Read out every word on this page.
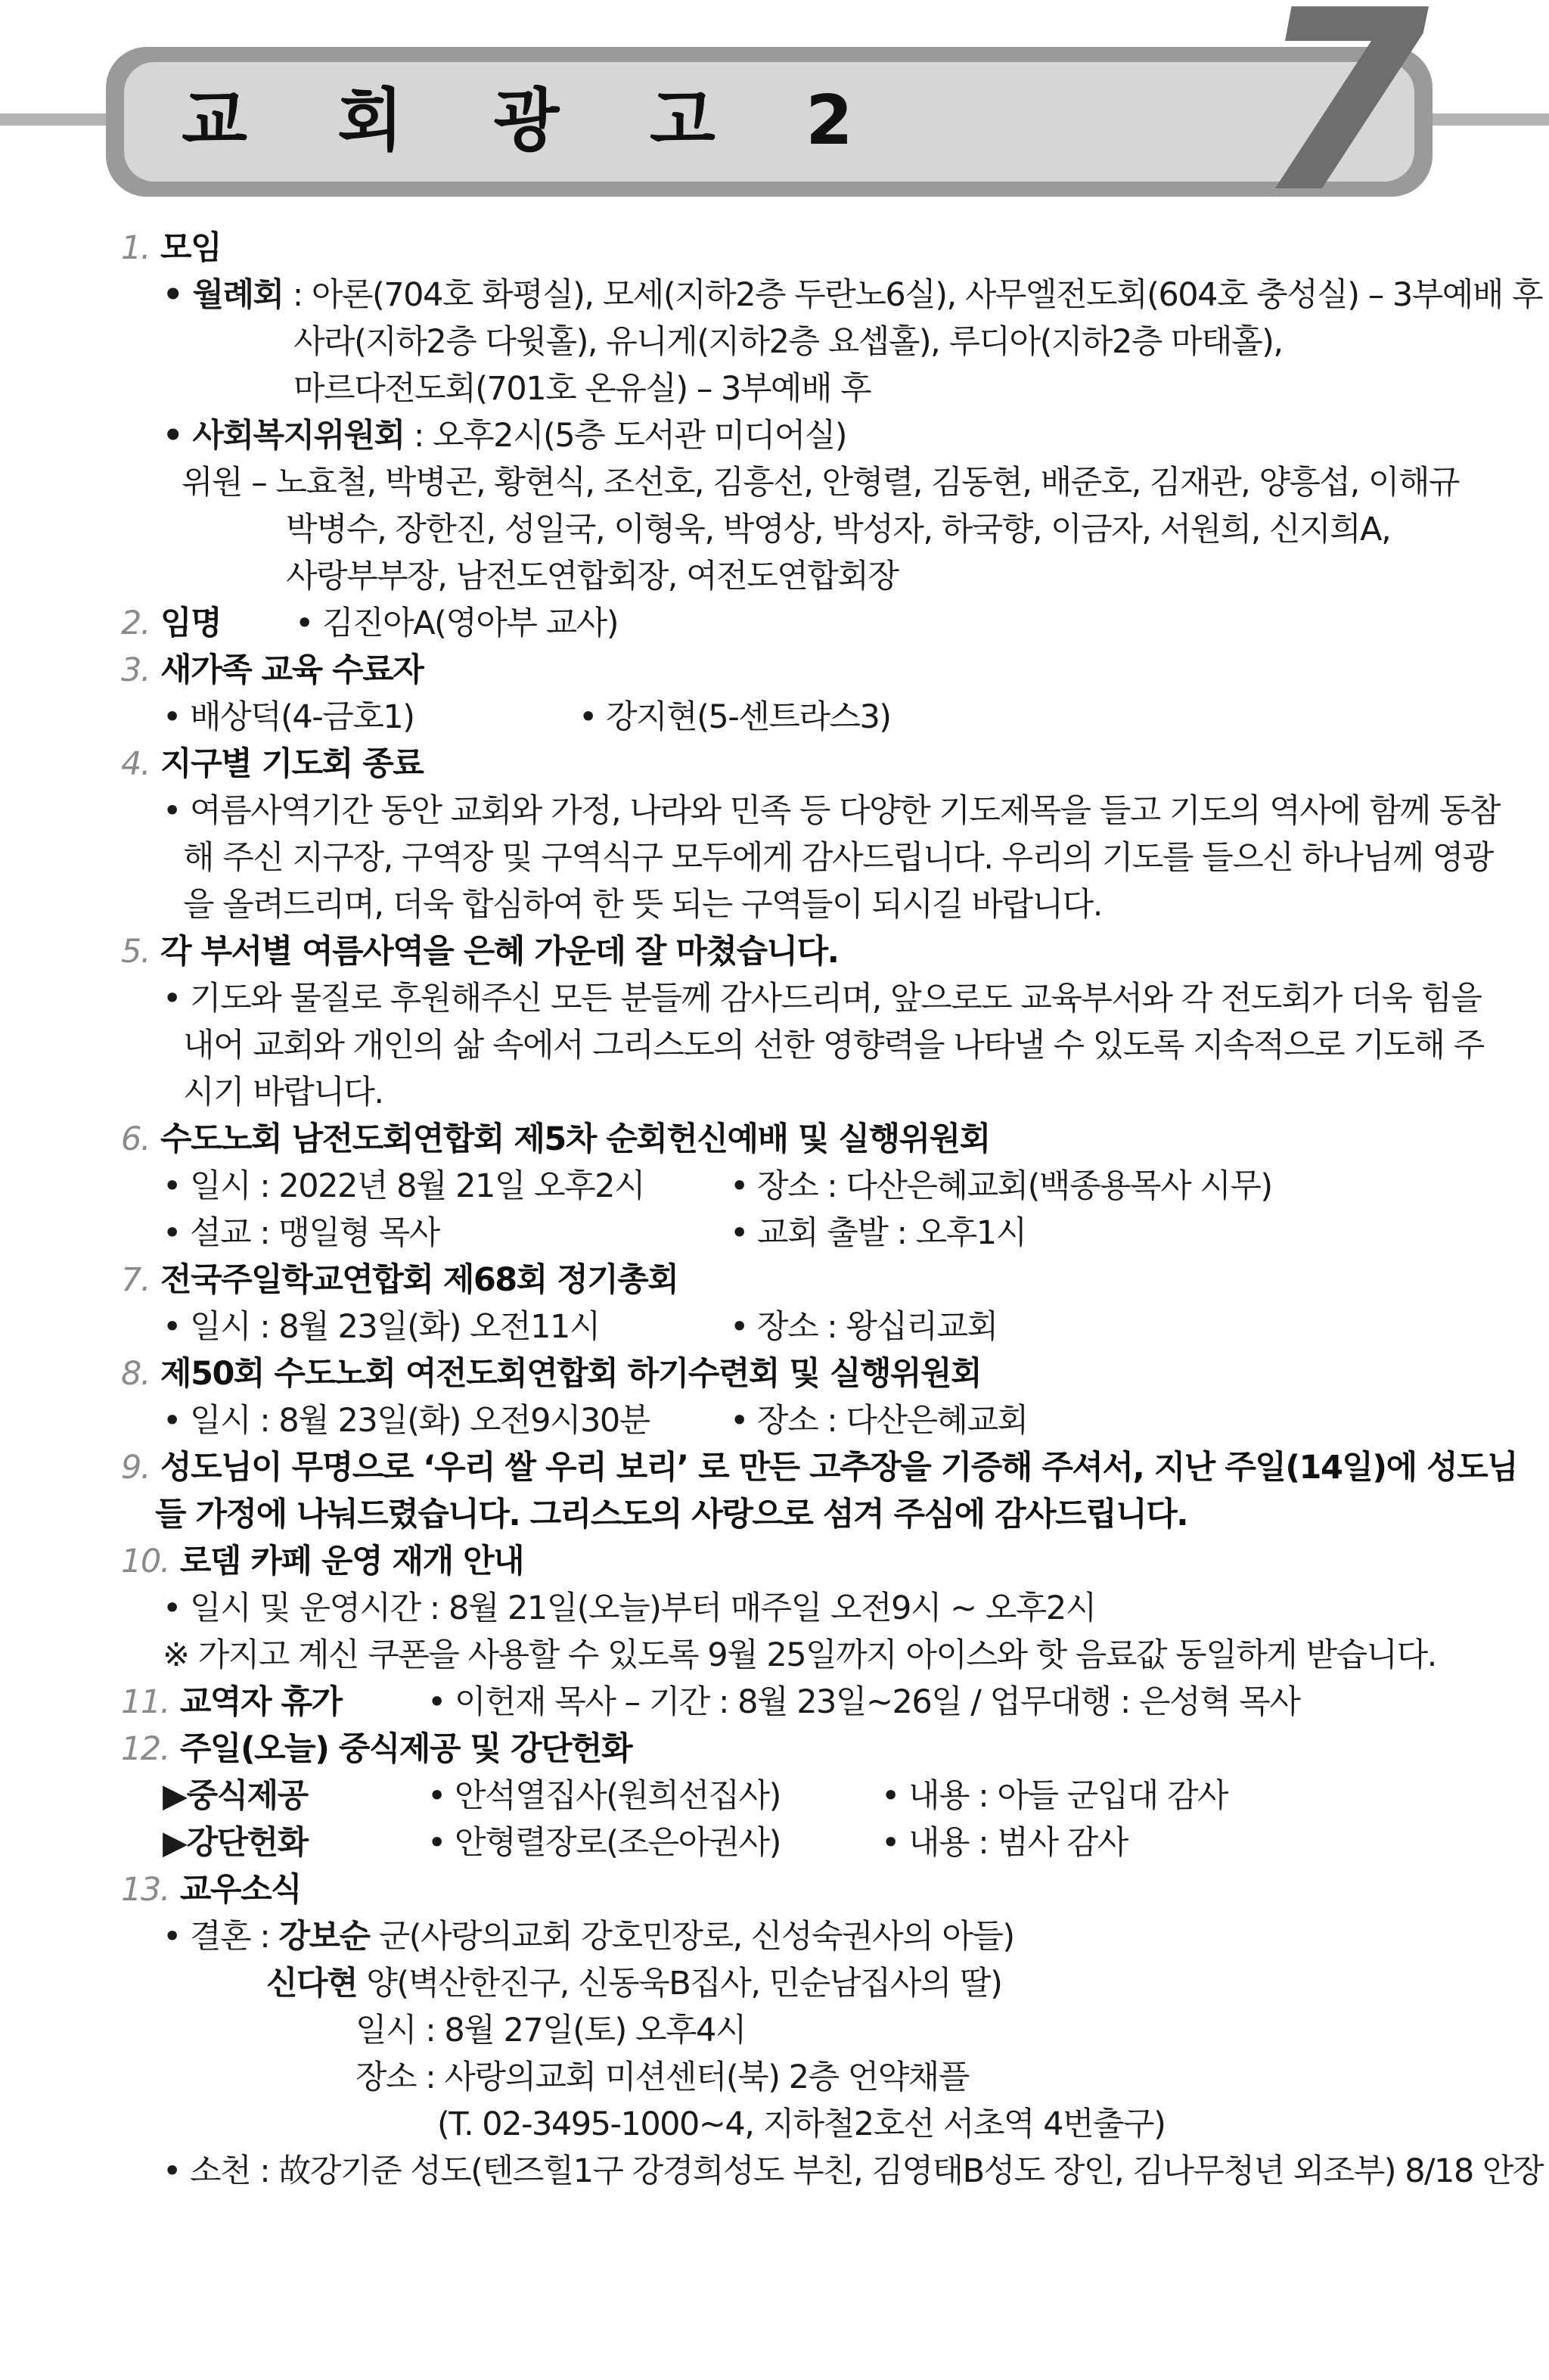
교 회 광 고 2 7
1. 모임
• 월례회 : 아론(704호 화평실), 모세(지하2층 두란노6실), 사무엘전도회(604호 충성실) – 3부예배 후
사라(지하2층 다윗홀), 유니게(지하2층 요셉홀), 루디아(지하2층 마태홀),
마르다전도회(701호 온유실) – 3부예배 후
• 사회복지위원회 : 오후2시(5층 도서관 미디어실)
위원 – 노효철, 박병곤, 황현식, 조선호, 김흥선, 안형렬, 김동현, 배준호, 김재관, 양흥섭, 이해규
박병수, 장한진, 성일국, 이형욱, 박영상, 박성자, 하국향, 이금자, 서원희, 신지희A,
사랑부부장, 남전도연합회장, 여전도연합회장
2. 임명 • 김진아A(영아부 교사)
3. 새가족 교육 수료자
• 배상덕(4-금호1)	• 강지현(5-센트라스3)
4. 지구별 기도회 종료
• 여름사역기간 동안 교회와 가정, 나라와 민족 등 다양한 기도제목을 들고 기도의 역사에 함께 동참
해 주신 지구장, 구역장 및 구역식구 모두에게 감사드립니다. 우리의 기도를 들으신 하나님께 영광
을 올려드리며, 더욱 합심하여 한 뜻 되는 구역들이 되시길 바랍니다.
5. 각 부서별 여름사역을 은혜 가운데 잘 마쳤습니다.
• 기도와 물질로 후원해주신 모든 분들께 감사드리며, 앞으로도 교육부서와 각 전도회가 더욱 힘을
내어 교회와 개인의 삶 속에서 그리스도의 선한 영향력을 나타낼 수 있도록 지속적으로 기도해 주
시기 바랍니다.
6. 수도노회 남전도회연합회 제5차 순회헌신예배 및 실행위원회
• 일시 : 2022년 8월 21일 오후2시	• 장소 : 다산은혜교회(백종용목사 시무)
• 설교 : 맹일형 목사	• 교회 출발 : 오후1시
7. 전국주일학교연합회 제68회 정기총회
• 일시 : 8월 23일(화) 오전11시	• 장소 : 왕십리교회
8. 제50회 수도노회 여전도회연합회 하기수련회 및 실행위원회
• 일시 : 8월 23일(화) 오전9시30분 • 장소 : 다산은혜교회
9. 성도님이 무명으로 ‘우리 쌀 우리 보리’ 로 만든 고추장을 기증해 주셔서, 지난 주일(14일)에 성도님
들 가정에 나눠드렸습니다. 그리스도의 사랑으로 섬겨 주심에 감사드립니다.
10. 로뎀 카페 운영 재개 안내
• 일시 및 운영시간 : 8월 21일(오늘)부터 매주일 오전9시 ~ 오후2시
※ 가지고 계신 쿠폰을 사용할 수 있도록 9월 25일까지 아이스와 핫 음료값 동일하게 받습니다.
11. 교역자 휴가	• 이헌재 목사 – 기간 : 8월 23일~26일 / 업무대행 : 은성혁 목사
12. 주일(오늘) 중식제공 및 강단헌화
▶중식제공	• 안석열집사(원희선집사)	• 내용 : 아들 군입대 감사
▶강단헌화	• 안형렬장로(조은아권사)	• 내용 : 범사 감사
13. 교우소식
• 결혼 : 강보순 군(사랑의교회 강호민장로, 신성숙권사의 아들)
신다현 양(벽산한진구, 신동욱B집사, 민순남집사의 딸)
일시 : 8월 27일(토) 오후4시
장소 : 사랑의교회 미션센터(북) 2층 언약채플
(T. 02-3495-1000~4, 지하철2호선 서초역 4번출구)
• 소천 : 故강기준 성도(텐즈힐1구 강경희성도 부친, 김영태B성도 장인, 김나무청년 외조부) 8/18 안장
